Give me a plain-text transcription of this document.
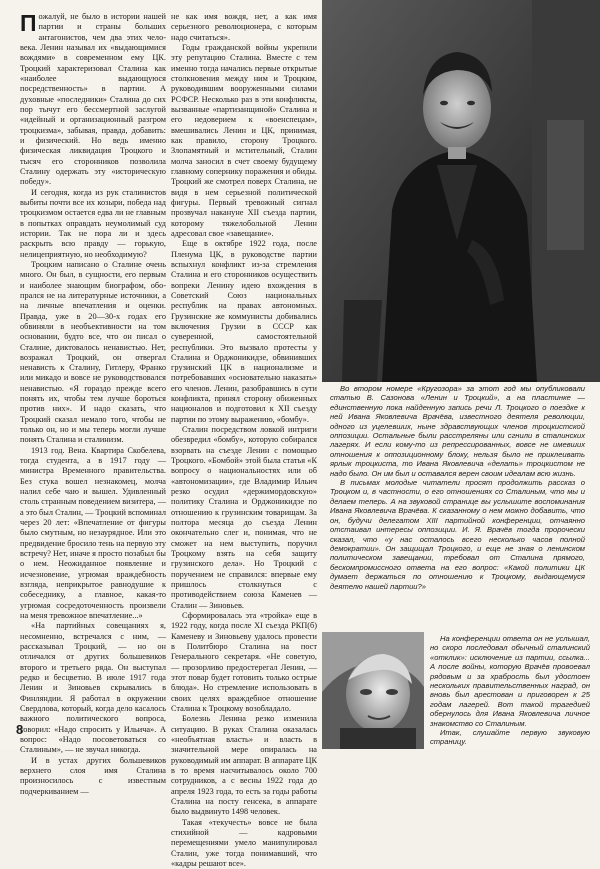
Пожалуй, не было в истории нашей партии и страны больших антагонистов, чем два этих человека. Ленин называл их «выдающимися вождями» в современном ему ЦК. Троцкий характеризовал Сталина как «наиболее выдающуюся посредственность» в партии. А духовные «последники» Сталина до сих пор тычут его бессмертной заслугой «идейный и организационный разгром троцкизма», забывая, правда, добавить: и физический. Но ведь именно физическая ликвидация Троцкого и тысяч его сторонников позволила Сталину одержать эту «историческую победу».

И сегодня, когда из рук сталинистов выбиты почти все их козыри, победа над троцкизмом остается едва ли не главным в попытках оправдать неумолимый суд истории. Так не пора ли и здесь раскрыть всю правду — горькую, нелицеприятную, но необходимую?

Троцким написано о Сталине очень много. Он был, в сущности, его первым и наиболее знающим биографом, обопрался не на литературные источники, а на личные впечатления и оценки. Правда, уже в 20—30-х годах его обвиняли в необъективности на том основании, будто все, что он писал о Сталине, диктовалось ненавистью. Нет, возражал Троцкий, он отвергал ненависть к Сталину, Гитлеру, Франко или микадо и вовсе не руководствовался ненавистью. «Я гораздо прежде всего понять их, чтобы тем лучше бороться против них». И надо сказать, что Троцкий сказал немало того, чтобы не только он, но и мы теперь могли лучше понять Сталина и сталинизм.

1913 год. Вена. Квартира Скобелева, тогда студента, а в 1917 году — министра Временного правительства. Без стука вошел незнакомец, молча налил себе чаю и вышел. Удивленный столь странным поведением визитера, — а это был Сталин, — Троцкий вспоминал через 20 лет: «Впечатление от фигуры было смутным, но незаурядное. Или это предвидение бросило тень на первую эту встречу? Нет, иначе я просто позабыл бы о нем. Неожиданное появление и исчезновение, угрюмая враждебность взгляда, неприкрытое равнодушие к собеседнику, а главное, какая-то угрюмая сосредоточенность произвели на меня тревожное впечатление...»

«На партийных совещаниях я, несомненно, встречался с ним, — рассказывал Троцкий, — но он отличался от других большевиков второго и третьего ряда. Он выступал редко и бесцветно. В июле 1917 года Ленин и Зиновьев скрывались в Финляндии. Я работал в окружении Свердлова, который, когда дело касалось важного политического вопроса, говорил: «Надо спросить у Ильича». А вопрос: «Надо посоветоваться со Сталиным», — не звучал никогда.

И в устах других большевиков верхнего слоя имя Сталина произносилось с известным подчеркиванием —

не как имя вождя, нет, а как имя серьезного революционера, с которым надо считаться».

Годы гражданской войны укрепили эту репутацию Сталина. Вместе с тем именно тогда начались первые открытые столкновения между ним и Троцким, руководившим вооруженными силами РСФСР. Несколько раз в эти конфликты, вызванные «партизанщиной» Сталина и его недоверием к «военспецам», вмешивались Ленин и ЦК, принимая, как правило, сторону Троцкого. Злопамятный и мстительный, Сталин молча заносил в счет своему будущему главному сопернику поражения и обиды. Троцкий же смотрел поверх Сталина, не видя в нем серьезной политической фигуры. Первый тревожный сигнал прозвучал накануне XII съезда партии, которому тяжелобольной Ленин адресовал свое «завещание».

Еще в октябре 1922 года, после Пленума ЦК, в руководстве партии вспыхнул конфликт из-за стремления Сталина и его сторонников осуществить вопреки Ленину идею вхождения в Советский Союз национальных республик на правах автономных. Грузинские же коммунисты добивались включения Грузии в СССР как суверенной, самостоятельной республики. Это вызвало протесты у Сталина и Орджоникидзе, обвинивших грузинский ЦК в национализме и потребовавших «основательно наказать» его членов. Ленин, разобравшись в сути конфликта, принял сторону обиженных националов и подготовил к XII съезду партии по этому выражению, «бомбу».

Сталин посредством ловкой интриги обезвредил «бомбу», которую собирался взорвать на съезде Ленин с помощью Троцкого. «Бомбой» этой была статья «К вопросу о национальностях или об «автономизации», где Владимир Ильич резко осудил «держимордовскую» политику Сталина и Орджоникидзе по отношению к грузинским товарищам. За полтора месяца до съезда Ленин окончательно слег и, понимая, что не сможет на нем выступить, поручил Троцкому взять на себя защиту грузинского дела». Но Троцкий с поручением не справился: впервые ему пришлось столкнуться с противодействием союза Каменев — Сталин — Зиновьев.

Сформировалась эта «тройка» еще в 1922 году, когда после XI съезда РКП(б) Каменеву и Зиновьеву удалось провести в Политбюро Сталина на пост Генерального секретаря. «Не советую, — прозорливо предостерегал Ленин, — этот повар будет готовить только острые блюда». Но стремление использовать в своих целях враждебное отношение Сталина к Троцкому возобладало.

Болезнь Ленина резко изменила ситуацию. В руках Сталина оказалась «необъятная власть» и власть в значительной мере опиралась на руководимый им аппарат. В аппарате ЦК в то время насчитывалось около 700 сотрудников, а с весны 1922 года до апреля 1923 года, то есть за годы работы Сталина на посту генсека, в аппарате было выдвинуто 1498 человек.

Такая «текучесть» вовсе не была стихийной — кадровыми перемещениями умело манипулировал Сталин, уже тогда понимавший, что «кадры решают все».

Во втором номере «Кругозора» за этот год мы опубликовали статью В. Сазонова «Ленин и Троцкий», а на пластинке — единственную пока найденную запись речи Л. Троцкого о поездке к ней Ивана Яковлевича Врачёва, известного деятеля революции, одного из уцелевших, ныне здравствующих членов троцкистской оппозиции. Остальные были расстреляны или сгнили в сталинских лагерях. И если кому-то из репрессированных, вовсе не имевших отношения к оппозиционному блоку, нельзя было не приклеивать ярлык троцкиста, то Ивана Яковлевича «делать» троцкистом не надо было. Он им был и оставался верен своим идеалам всю жизнь.

В письмах молодые читатели просят продолжить рассказ о Троцком и, в частности, о его отношениях со Сталиным, что мы и делаем теперь. А на звуковой странице вы услышите воспоминания Ивана Яковлевича Врачёва. К сказанному о нем можно добавить, что он, будучи делегатом XIII партийной конференции, отчаянно отстаивал интересы оппозиции. И. Я. Врачёв тогда пророчески сказал, что «у нас осталось всего несколько часов полной демократии». Он защищал Троцкого, и еще не зная о ленинском политическом завещании, требовал от Сталина прямого, бескомпромиссного ответа на его вопрос: «Какой политики ЦК думает держаться по отношению к Троцкому, выдающемуся деятелю нашей партии?»

На конференции ответа он не услышал, но скоро последовал обычный сталинский «отклик»: исключение из партии, ссылка... А после войны, которую Врачёв провоевал рядовым и за храбрость был удостоен нескольких правительственных наград, он вновь был арестован и приговорен к 25 годам лагерей. Вот такой трагедией обернулось для Ивана Яковлевича личное знакомство со Сталиным.

Итак, слушайте первую звуковую страницу.

8
